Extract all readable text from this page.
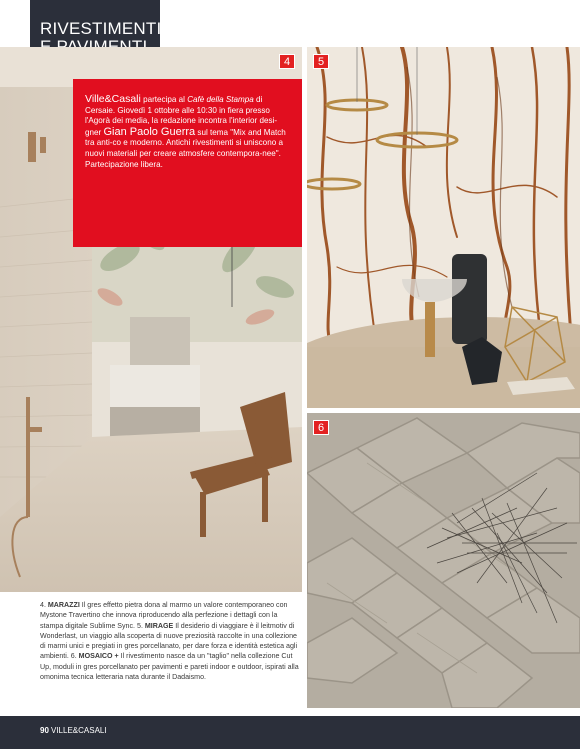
RIVESTIMENTI
4
Ville&Casali partecipa al Cafè della Stampa di Cersaie. Giovedì 1 ottobre alle 10:30 in fiera presso l'Agorà dei media, la redazione incontra l'interior desi-gner Gian Paolo Guerra sul tema "Mix and Match tra anti-co e moderno. Antichi rivestimenti si uniscono a nuovi materiali per creare atmosfere contempora-nee". Partecipazione libera.
5
6
4. MARAZZI Il gres effetto pietra dona al marmo un valore contemporaneo con Mystone Travertino che innova riproducendo alla perfezione i dettagli con la stampa digitale Sublime Sync. 5. MIRAGE Il desiderio di viaggiare è il leitmotiv di Wonderlast, un viaggio alla scoperta di nuove preziosità raccolte in una collezione di marmi unici e pregiati in gres porcellanato, per dare forza e identità estetica agli ambienti. 6. MOSAICO + Il rivestimento nasce da un "taglio" nella collezione Cut Up, moduli in gres porcellanato per pavimenti e pareti indoor e outdoor, ispirati alla omonima tecnica letteraria nata durante il Dadaismo.
90 VILLE&CASALI
